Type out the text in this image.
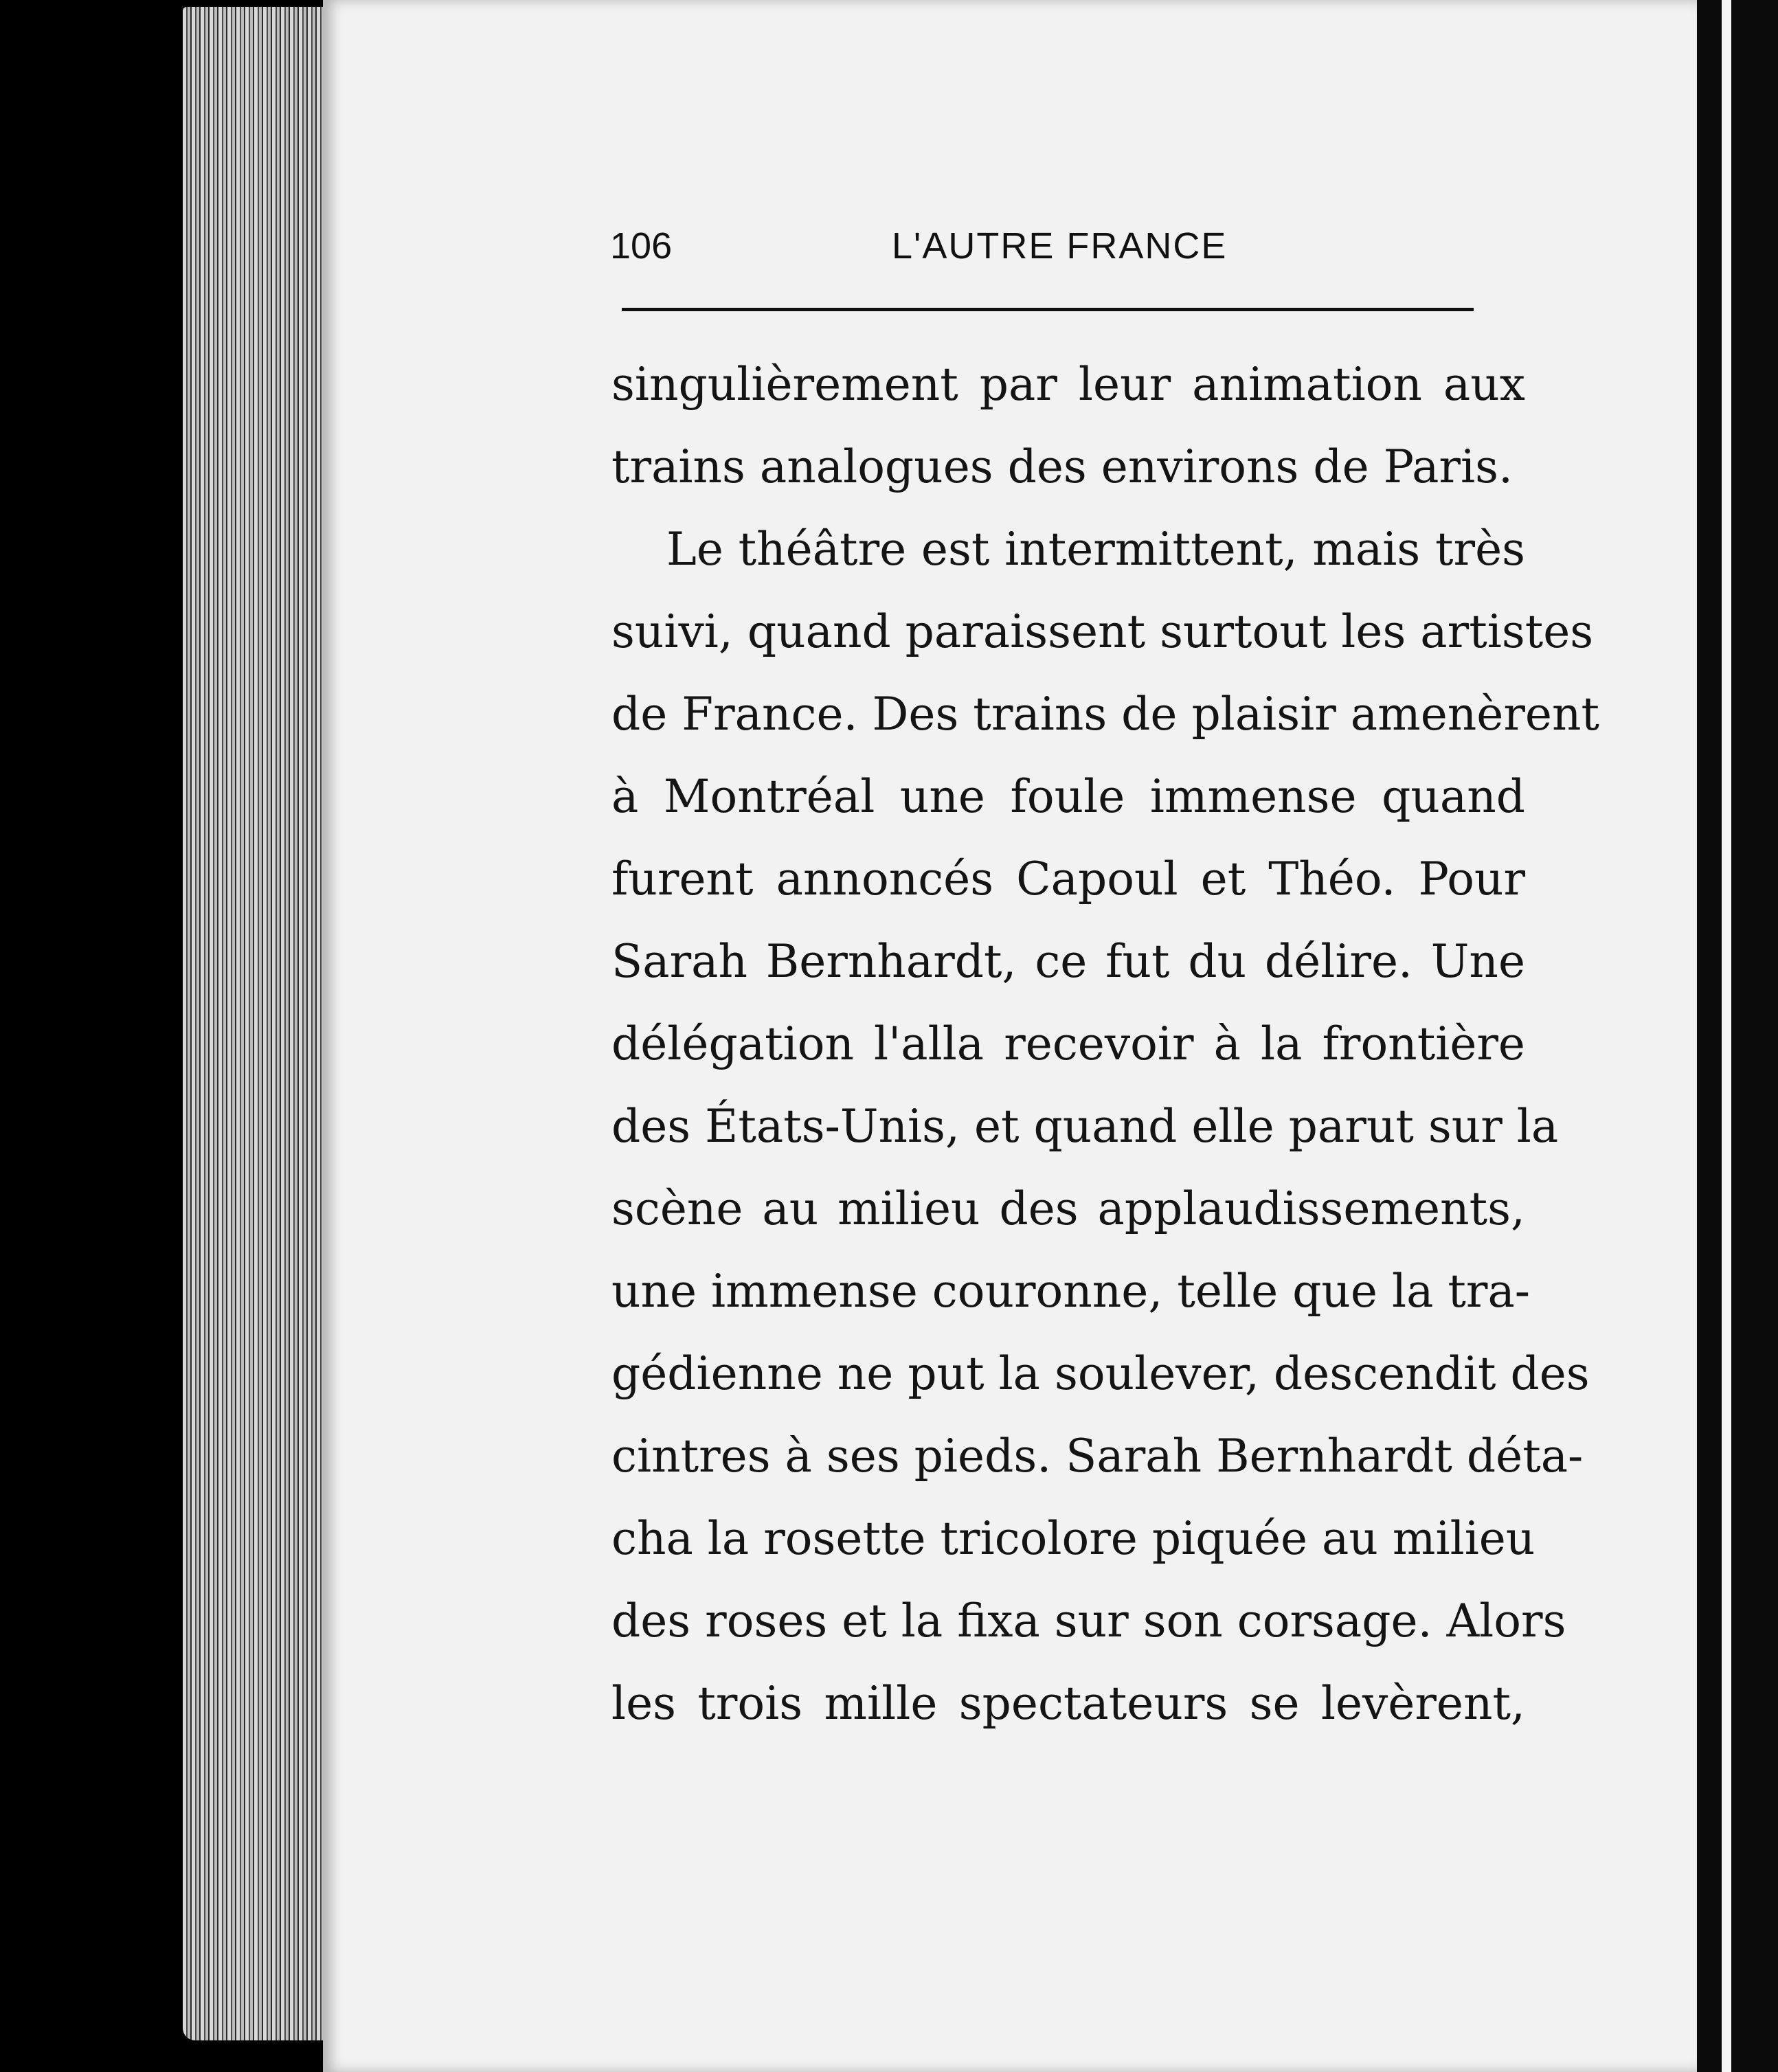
106	L'AUTRE FRANCE
singulièrement par leur animation aux
trains analogues des environs de Paris.
Le théâtre est intermittent, mais très
suivi, quand paraissent surtout les artistes
de France. Des trains de plaisir amenèrent
à Montréal une foule immense quand
furent annoncés Capoul et Théo. Pour
Sarah Bernhardt, ce fut du délire. Une
délégation l'alla recevoir à la frontière
des États-Unis, et quand elle parut sur la
scène au milieu des applaudissements,
une immense couronne, telle que la tra-
gédienne ne put la soulever, descendit des
cintres à ses pieds. Sarah Bernhardt déta-
cha la rosette tricolore piquée au milieu
des roses et la fixa sur son corsage. Alors
les trois mille spectateurs se levèrent,
